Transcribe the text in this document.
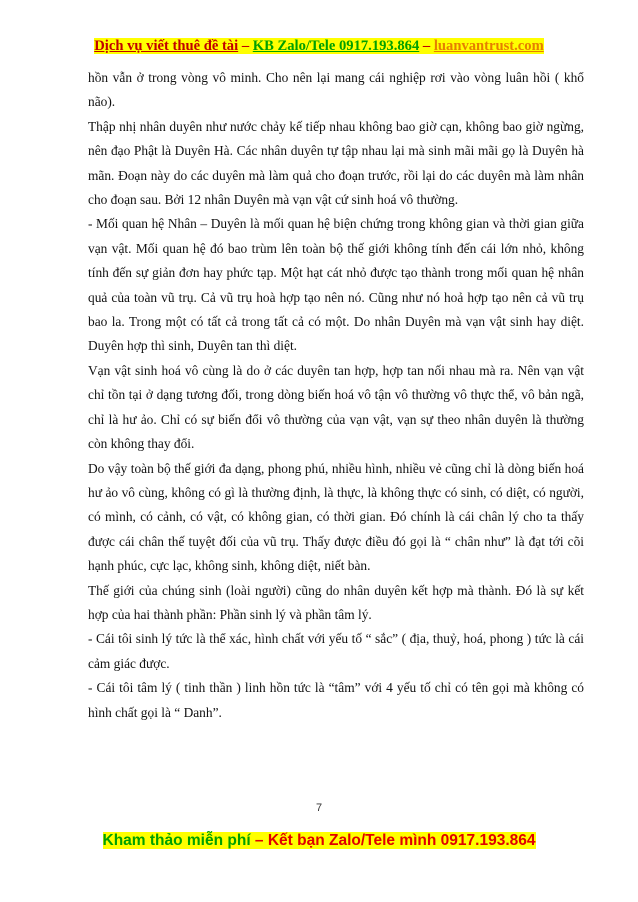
Dịch vụ viết thuê đề tài – KB Zalo/Tele 0917.193.864 – luanvantrust.com

hồn vẫn ở trong vòng vô minh. Cho nên lại mang cái nghiệp rơi vào vòng luân hồi ( khổ não).

Thập nhị nhân duyên như nước chảy kế tiếp nhau không bao giờ cạn, không bao giờ ngừng, nên đạo Phật là Duyên Hà. Các nhân duyên tự tập nhau lại mà sinh mãi mãi gọ là Duyên hà mãn. Đoạn này do các duyên mà làm quả cho đoạn trước, rồi lại do các duyên mà làm nhân cho đoạn sau. Bởi 12 nhân Duyên mà vạn vật cứ sinh hoá vô thường.

- Mối quan hệ Nhân – Duyên là mối quan hệ biện chứng trong không gian và thời gian giữa vạn vật. Mối quan hệ đó bao trùm lên toàn bộ thế giới không tính đến cái lớn nhỏ, không tính đến sự giản đơn hay phức tạp. Một hạt cát nhỏ được tạo thành trong mối quan hệ nhân quả của toàn vũ trụ. Cả vũ trụ hoà hợp tạo nên nó. Cũng như nó hoả hợp tạo nên cả vũ trụ bao la. Trong một có tất cả trong tất cả có một. Do nhân Duyên mà vạn vật sinh hay diệt. Duyên hợp thì sinh, Duyên tan thì diệt.

Vạn vật sinh hoá vô cùng là do ở các duyên tan hợp, hợp tan nối nhau mà ra. Nên vạn vật chỉ tồn tại ở dạng tương đối, trong dòng biến hoá vô tận vô thường vô thực thể, vô bản ngã, chỉ là hư ảo. Chỉ có sự biến đổi vô thường của vạn vật, vạn sự theo nhân duyên là thường còn không thay đổi.

Do vậy toàn bộ thế giới đa dạng, phong phú, nhiều hình, nhiều vẻ cũng chỉ là dòng biến hoá hư ảo vô cùng, không có gì là thường định, là thực, là không thực có sinh, có diệt, có người, có mình, có cảnh, có vật, có không gian, có thời gian. Đó chính là cái chân lý cho ta thấy được cái chân thế tuyệt đối của vũ trụ. Thấy được điều đó gọi là “ chân như” là đạt tới cõi hạnh phúc, cực lạc, không sinh, không diệt, niết bàn.

Thế giới của chúng sinh (loài người) cũng do nhân duyên kết hợp mà thành. Đó là sự kết hợp của hai thành phần: Phần sinh lý và phần tâm lý.

- Cái tôi sinh lý tức là thể xác, hình chất với yếu tố “ sắc” ( địa, thuỷ, hoá, phong ) tức là cái cảm giác được.

- Cái tôi tâm lý ( tinh thần ) linh hồn tức là “tâm” với 4 yếu tố chỉ có tên gọi mà không có hình chất gọi là “ Danh”.

7
Kham thảo miễn phí – Kết bạn Zalo/Tele mình 0917.193.864
